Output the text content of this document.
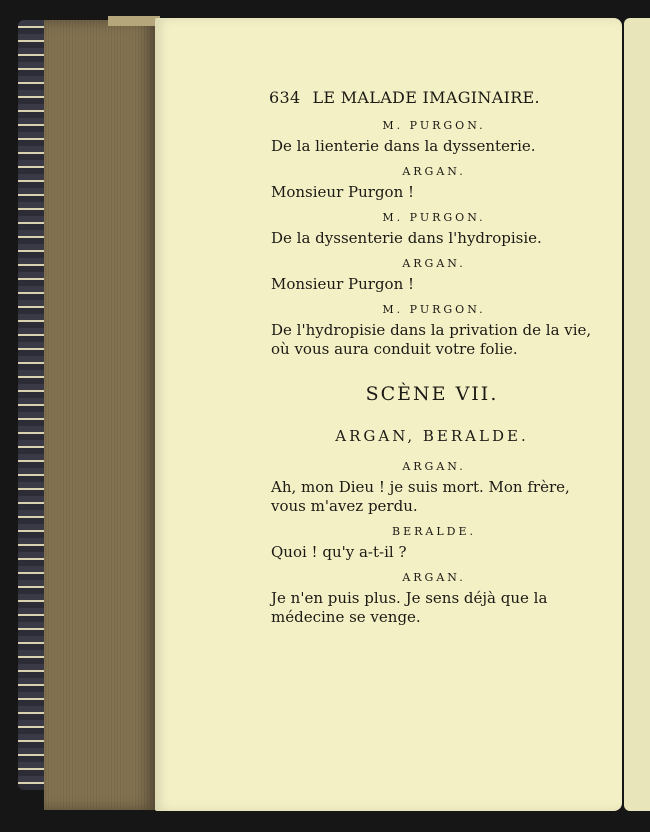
634 LE MALADE IMAGINAIRE.
M. PURGON.
De la lienterie dans la dyssenterie.
ARGAN.
Monsieur Purgon !
M. PURGON.
De la dyssenterie dans l'hydropisie.
ARGAN.
Monsieur Purgon !
M. PURGON.
De l'hydropisie dans la privation de la vie, où vous aura conduit votre folie.
SCÈNE VII.
ARGAN, BERALDE.
ARGAN.
Ah, mon Dieu ! je suis mort. Mon frère, vous m'avez perdu.
BERALDE.
Quoi ! qu'y a-t-il ?
ARGAN.
Je n'en puis plus. Je sens déjà que la médecine se venge.
